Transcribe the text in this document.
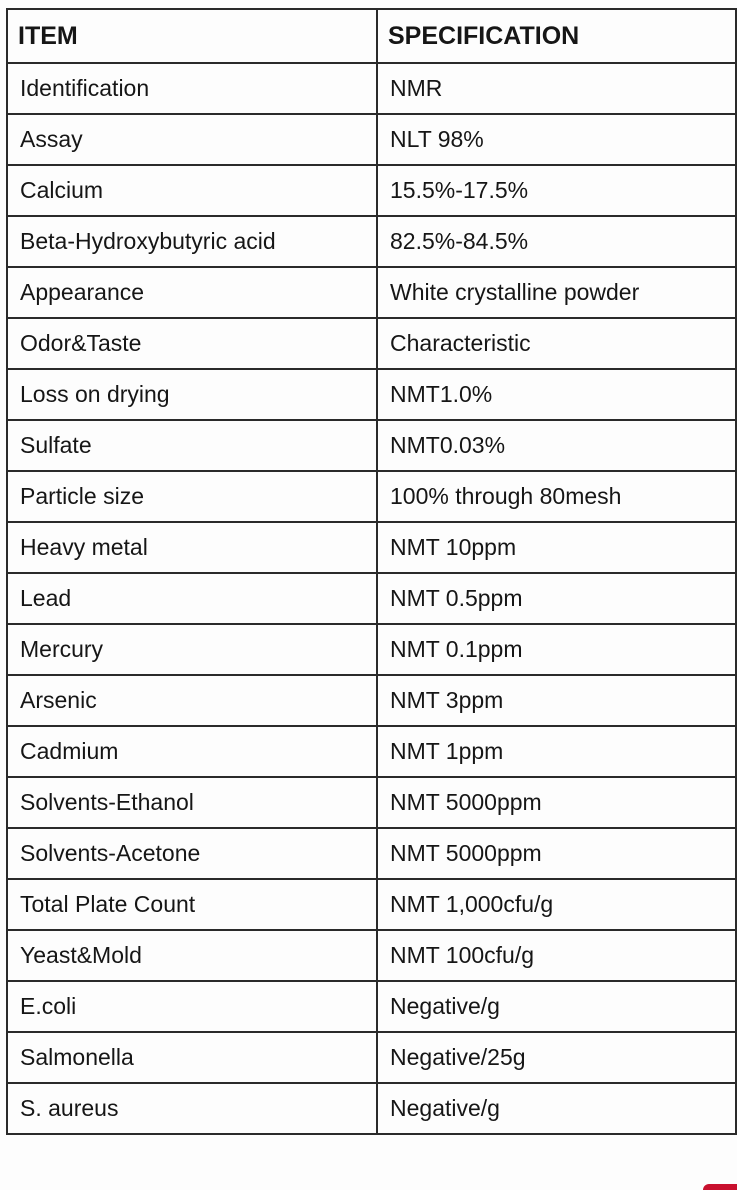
ITEM	SPECIFICATION
Identification	NMR
Assay	NLT 98%
Calcium	15.5%-17.5%
Beta-Hydroxybutyric acid	82.5%-84.5%
Appearance	White crystalline powder
Odor&Taste	Characteristic
Loss on drying	NMT1.0%
Sulfate	NMT0.03%
Particle size	100% through 80mesh
Heavy metal	NMT 10ppm
Lead	NMT 0.5ppm
Mercury	NMT 0.1ppm
Arsenic	NMT 3ppm
Cadmium	NMT 1ppm
Solvents-Ethanol	NMT 5000ppm
Solvents-Acetone	NMT 5000ppm
Total Plate Count	NMT 1,000cfu/g
Yeast&Mold	NMT 100cfu/g
E.coli	Negative/g
Salmonella	Negative/25g
S. aureus	Negative/g
